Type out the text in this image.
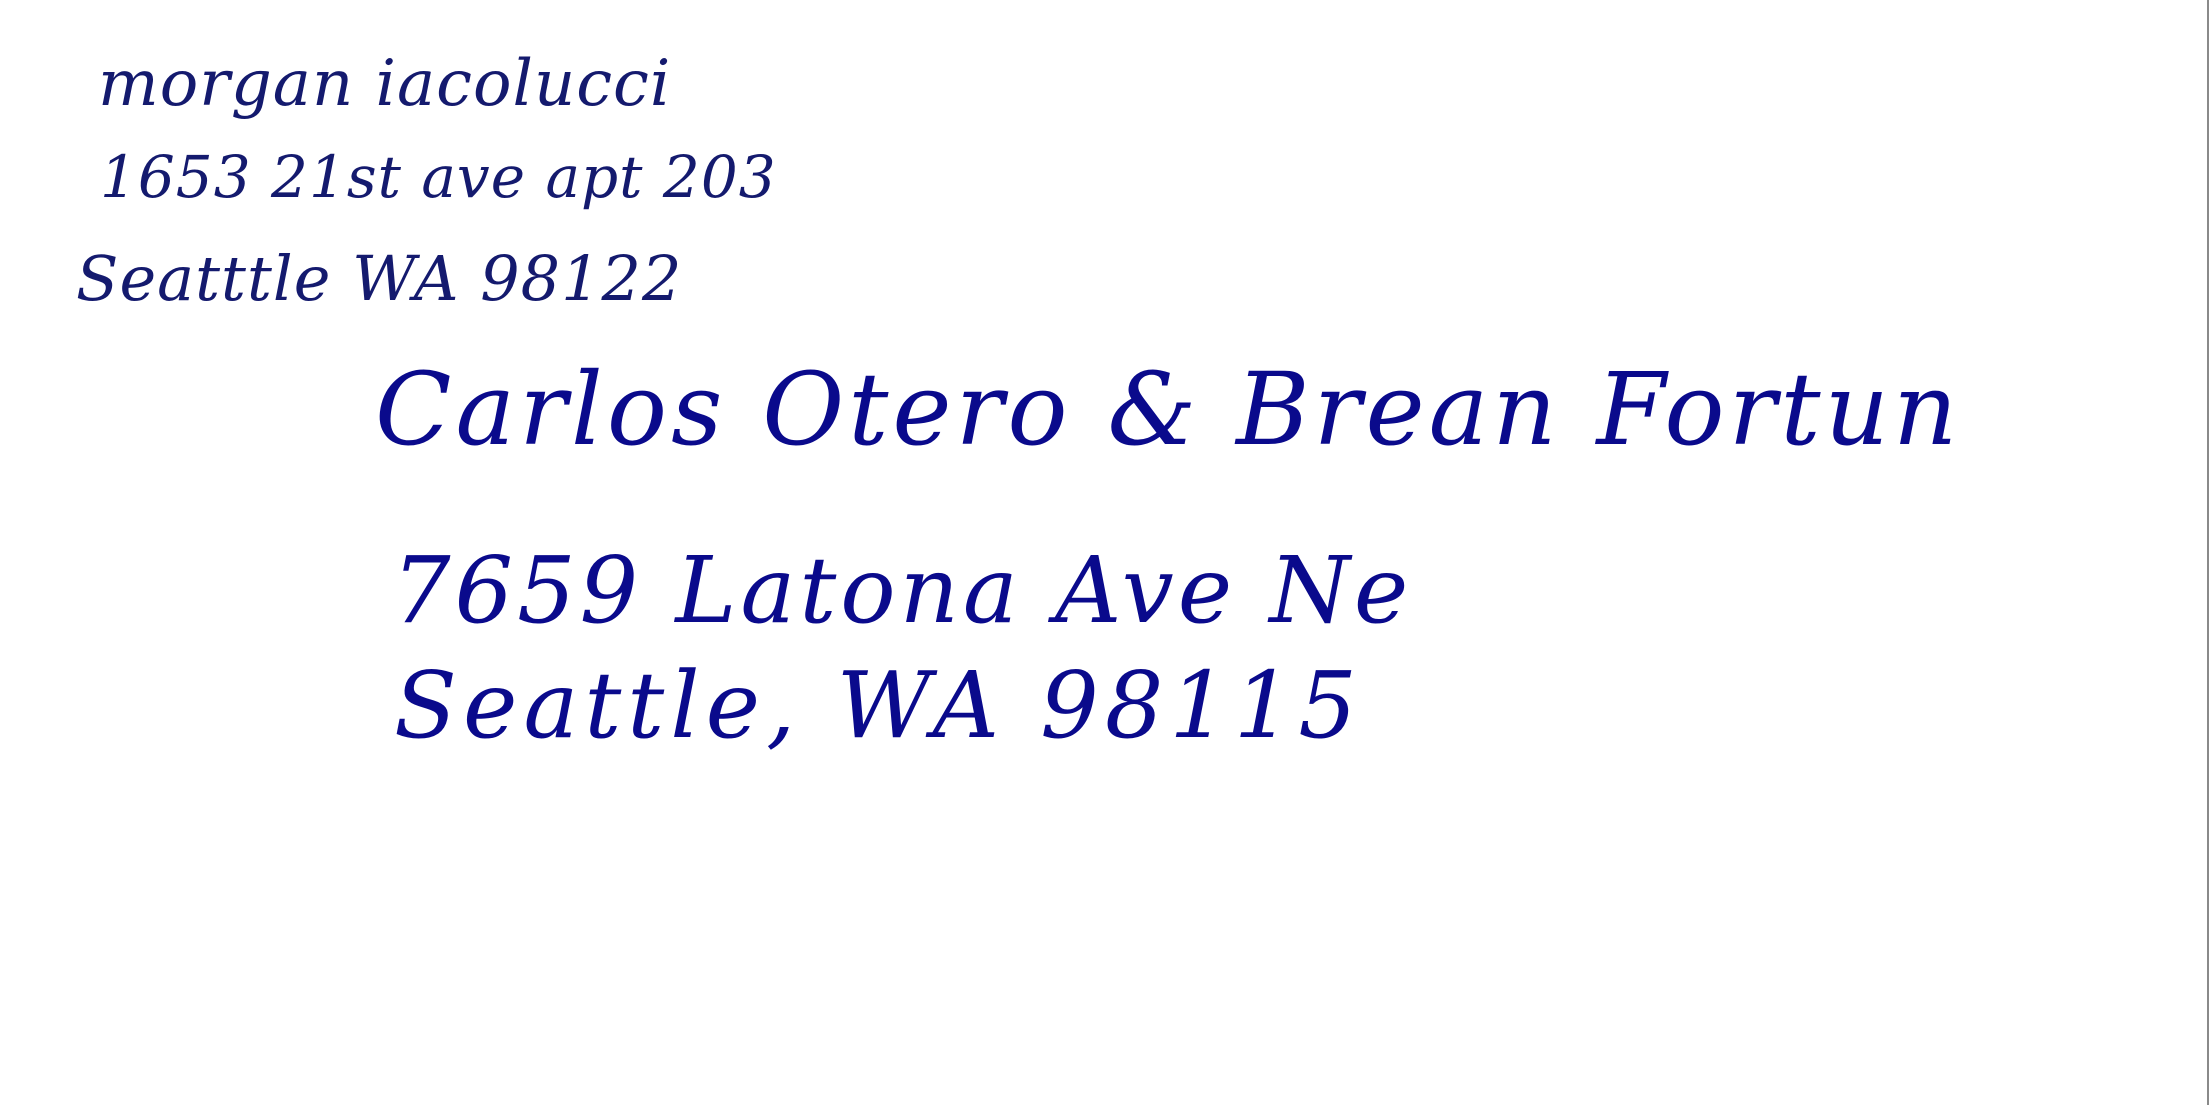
morgan iacolucci

1653 21st ave apt 203

Seatttle WA 98122

Carlos Otero & Brean Fortun

7659 Latona Ave Ne

Seattle, WA 98115
